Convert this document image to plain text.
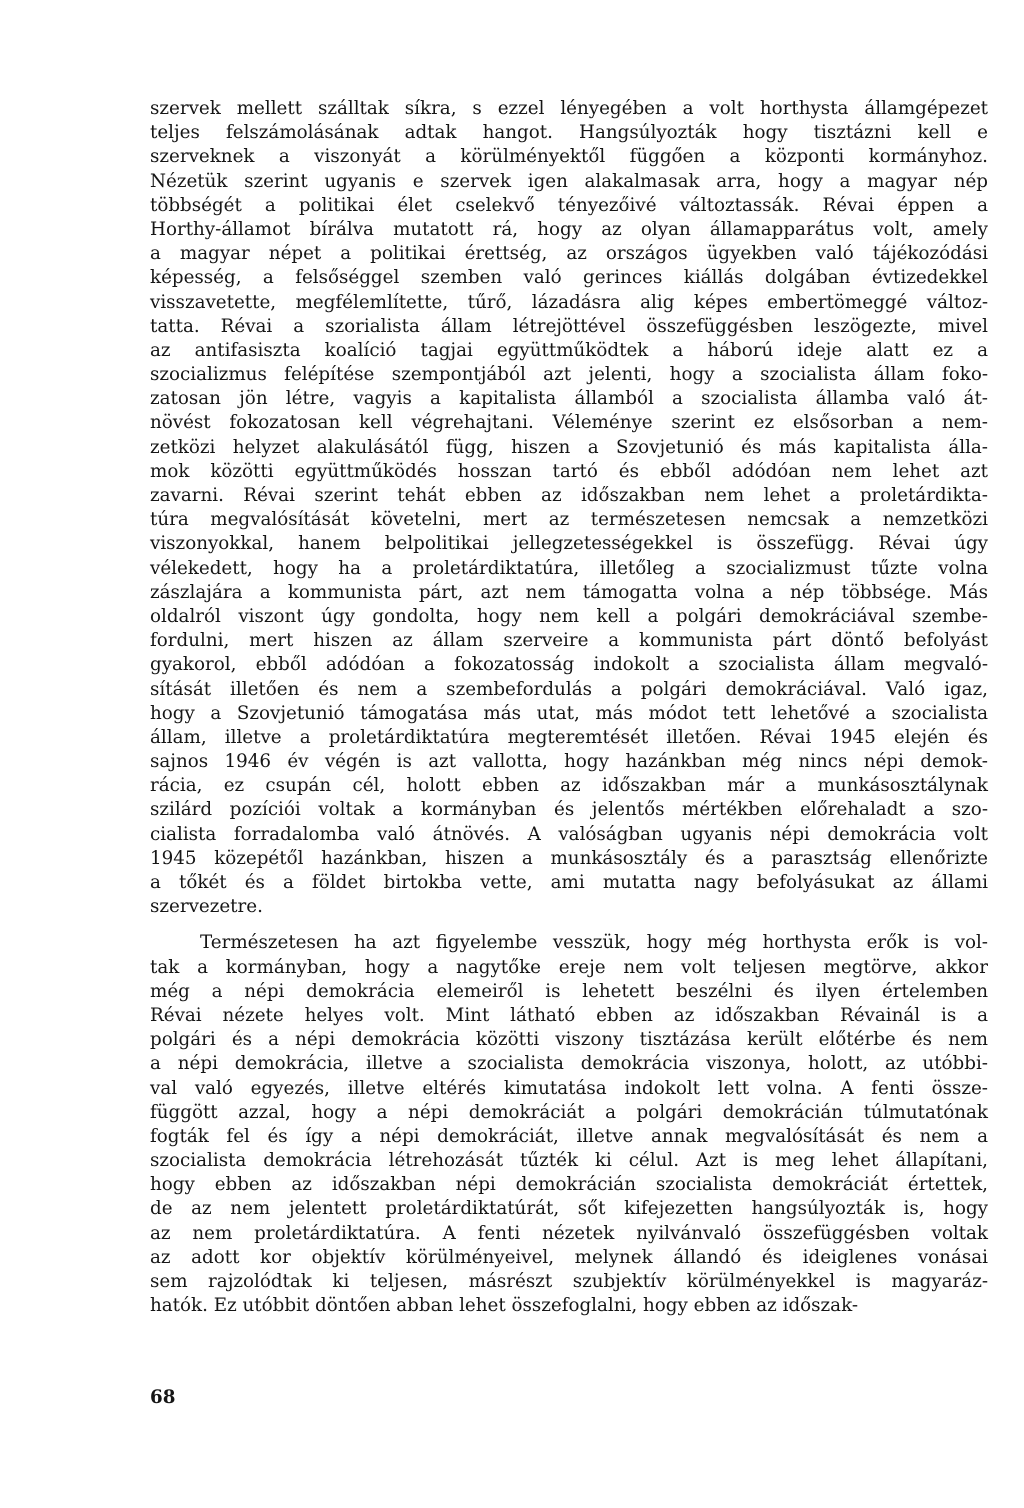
szervek mellett szálltak síkra, s ezzel lényegében a volt horthysta államgépezet
teljes felszámolásának adtak hangot. Hangsúlyozták hogy tisztázni kell e
szerveknek a viszonyát a körülményektől függően a központi kormányhoz.
Nézetük szerint ugyanis e szervek igen alakalmasak arra, hogy a magyar nép
többségét a politikai élet cselekvő tényezőivé változtassák. Révai éppen a
Horthy-államot bírálva mutatott rá, hogy az olyan államapparátus volt, amely
a magyar népet a politikai érettség, az országos ügyekben való tájékozódási
képesség, a felsőséggel szemben való gerinces kiállás dolgában évtizedekkel
visszavetette, megfélemlítette, tűrő, lázadásra alig képes embertömeggé változ-
tatta. Révai a szorialista állam létrejöttével összefüggésben leszögezte, mivel
az antifasiszta koalíció tagjai együttműködtek a háború ideje alatt ez a
szocializmus felépítése szempontjából azt jelenti, hogy a szocialista állam foko-
zatosan jön létre, vagyis a kapitalista államból a szocialista államba való át-
növést fokozatosan kell végrehajtani. Véleménye szerint ez elsősorban a nem-
zetközi helyzet alakulásától függ, hiszen a Szovjetunió és más kapitalista álla-
mok közötti együttműködés hosszan tartó és ebből adódóan nem lehet azt
zavarni. Révai szerint tehát ebben az időszakban nem lehet a proletárdikta-
túra megvalósítását követelni, mert az természetesen nemcsak a nemzetközi
viszonyokkal, hanem belpolitikai jellegzetességekkel is összefügg. Révai úgy
vélekedett, hogy ha a proletárdiktatúra, illetőleg a szocializmust tűzte volna
zászlajára a kommunista párt, azt nem támogatta volna a nép többsége. Más
oldalról viszont úgy gondolta, hogy nem kell a polgári demokráciával szembe-
fordulni, mert hiszen az állam szerveire a kommunista párt döntő befolyást
gyakorol, ebből adódóan a fokozatosság indokolt a szocialista állam megvaló-
sítását illetően és nem a szembefordulás a polgári demokráciával. Való igaz,
hogy a Szovjetunió támogatása más utat, más módot tett lehetővé a szocialista
állam, illetve a proletárdiktatúra megteremtését illetően. Révai 1945 elején és
sajnos 1946 év végén is azt vallotta, hogy hazánkban még nincs népi demok-
rácia, ez csupán cél, holott ebben az időszakban már a munkásosztálynak
szilárd pozíciói voltak a kormányban és jelentős mértékben előrehaladt a szo-
cialista forradalomba való átnövés. A valóságban ugyanis népi demokrácia volt
1945 közepétől hazánkban, hiszen a munkásosztály és a parasztság ellenőrizte
a tőkét és a földet birtokba vette, ami mutatta nagy befolyásukat az állami
szervezetre.
Természetesen ha azt figyelembe vesszük, hogy még horthysta erők is vol-
tak a kormányban, hogy a nagytőke ereje nem volt teljesen megtörve, akkor
még a népi demokrácia elemeiről is lehetett beszélni és ilyen értelemben
Révai nézete helyes volt. Mint látható ebben az időszakban Révainál is a
polgári és a népi demokrácia közötti viszony tisztázása került előtérbe és nem
a népi demokrácia, illetve a szocialista demokrácia viszonya, holott, az utóbbi-
val való egyezés, illetve eltérés kimutatása indokolt lett volna. A fenti össze-
függött azzal, hogy a népi demokráciát a polgári demokrácián túlmutatónak
fogták fel és így a népi demokráciát, illetve annak megvalósítását és nem a
szocialista demokrácia létrehozását tűzték ki célul. Azt is meg lehet állapítani,
hogy ebben az időszakban népi demokrácián szocialista demokráciát értettek,
de az nem jelentett proletárdiktatúrát, sőt kifejezetten hangsúlyozták is, hogy
az nem proletárdiktatúra. A fenti nézetek nyilvánvaló összefüggésben voltak
az adott kor objektív körülményeivel, melynek állandó és ideiglenes vonásai
sem rajzolódtak ki teljesen, másrészt szubjektív körülményekkel is magyaráz-
hatók. Ez utóbbit döntően abban lehet összefoglalni, hogy ebben az időszak-
68
